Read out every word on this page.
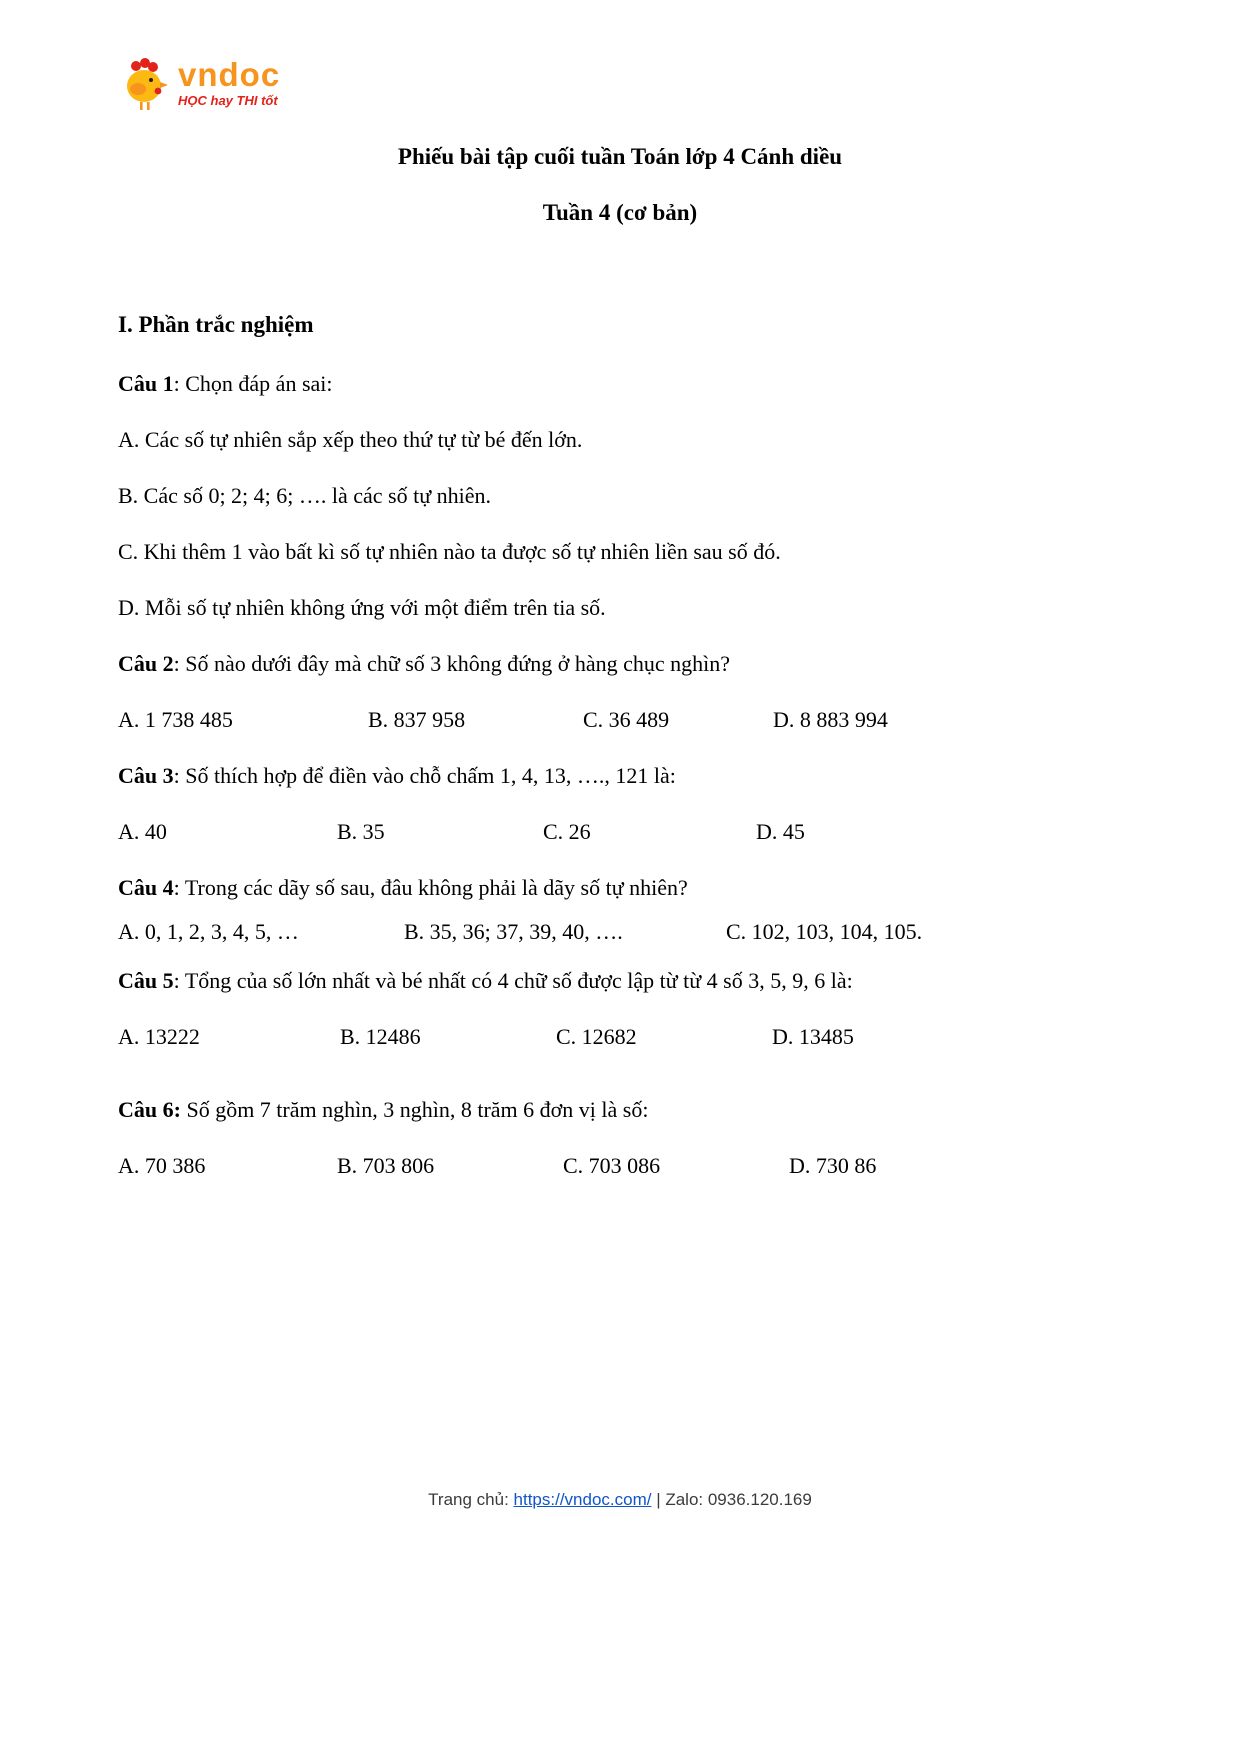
vndoc
HỌC hay THI tốt
Phiếu bài tập cuối tuần Toán lớp 4 Cánh diều
Tuần 4 (cơ bản)
I. Phần trắc nghiệm

Câu 1: Chọn đáp án sai:

A. Các số tự nhiên sắp xếp theo thứ tự từ bé đến lớn.

B. Các số 0; 2; 4; 6; …. là các số tự nhiên.

C. Khi thêm 1 vào bất kì số tự nhiên nào ta được số tự nhiên liền sau số đó.

D. Mỗi số tự nhiên không ứng với một điểm trên tia số.

Câu 2: Số nào dưới đây mà chữ số 3 không đứng ở hàng chục nghìn?

A. 1 738 485	B. 837 958	C. 36 489	D. 8 883 994

Câu 3: Số thích hợp để điền vào chỗ chấm 1, 4, 13, …., 121 là:

A. 40	B. 35	C. 26	D. 45

Câu 4: Trong các dãy số sau, đâu không phải là dãy số tự nhiên?

A. 0, 1, 2, 3, 4, 5, …	B. 35, 36; 37, 39, 40, ….	C. 102, 103, 104, 105.

Câu 5: Tổng của số lớn nhất và bé nhất có 4 chữ số được lập từ từ 4 số 3, 5, 9, 6 là:

A. 13222	B. 12486	C. 12682	D. 13485

Câu 6: Số gồm 7 trăm nghìn, 3 nghìn, 8 trăm 6 đơn vị là số:

A. 70 386	B. 703 806	C. 703 086	D. 730 86
Trang chủ: https://vndoc.com/ | Zalo: 0936.120.169
